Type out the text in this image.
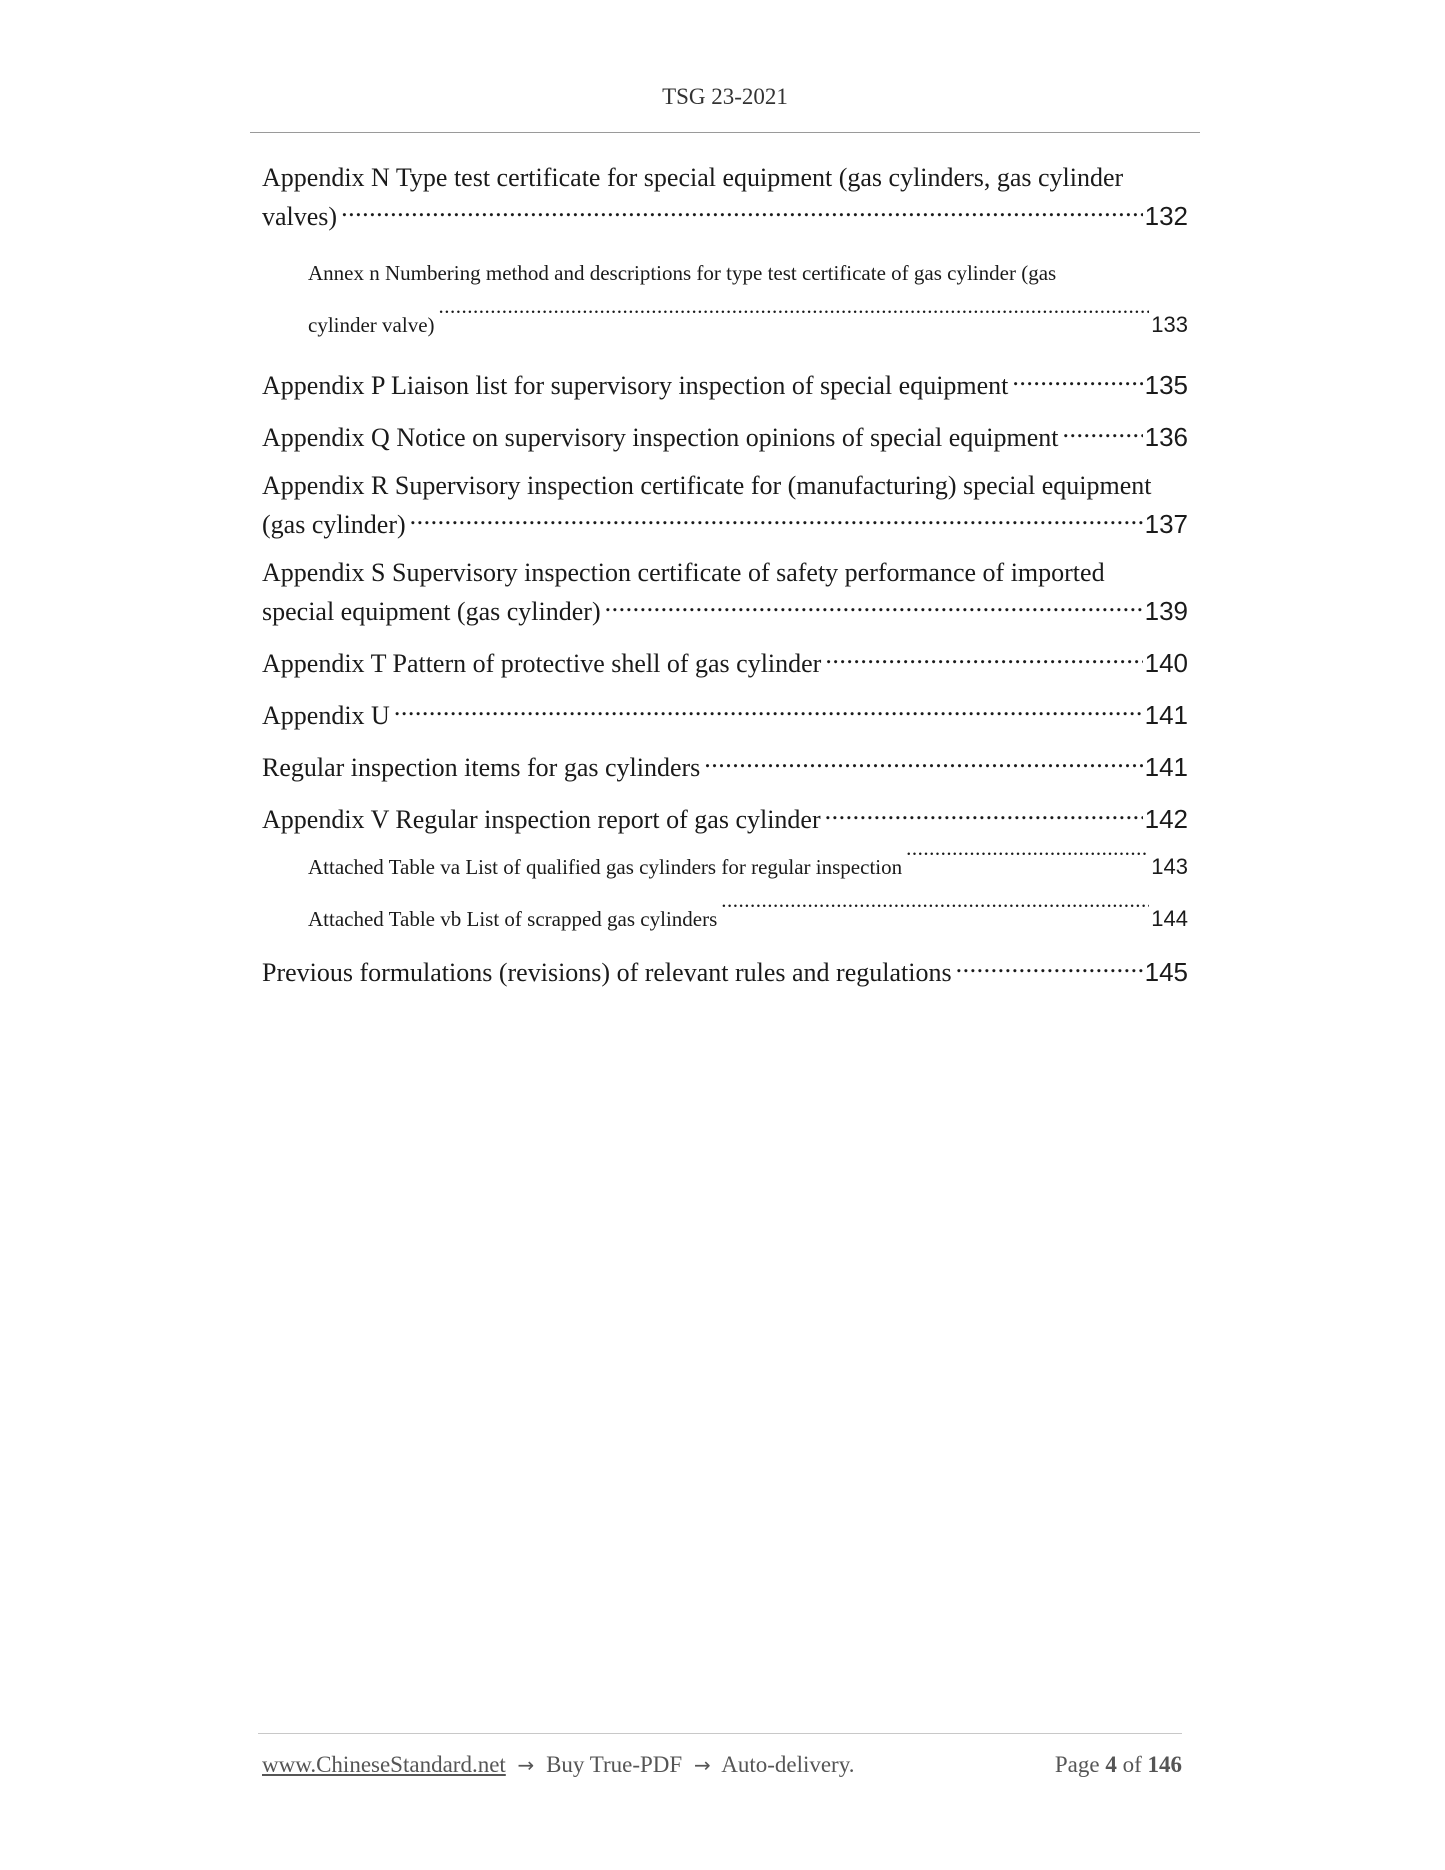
TSG 23-2021
Appendix N Type test certificate for special equipment (gas cylinders, gas cylinder
valves) .....	132
Annex n Numbering method and descriptions for type test certificate of gas cylinder (gas
cylinder valve) .....	133
Appendix P Liaison list for supervisory inspection of special equipment .....	135
Appendix Q Notice on supervisory inspection opinions of special equipment .....	136
Appendix R Supervisory inspection certificate for (manufacturing) special equipment
(gas cylinder) .....	137
Appendix S Supervisory inspection certificate of safety performance of imported
special equipment (gas cylinder) .....	139
Appendix T Pattern of protective shell of gas cylinder .....	140
Appendix U .....	141
Regular inspection items for gas cylinders .....	141
Appendix V Regular inspection report of gas cylinder .....	142
Attached Table va List of qualified gas cylinders for regular inspection .....	143
Attached Table vb List of scrapped gas cylinders .....	144
Previous formulations (revisions) of relevant rules and regulations .....	145
www.ChineseStandard.net → Buy True-PDF → Auto-delivery.	Page 4 of 146
